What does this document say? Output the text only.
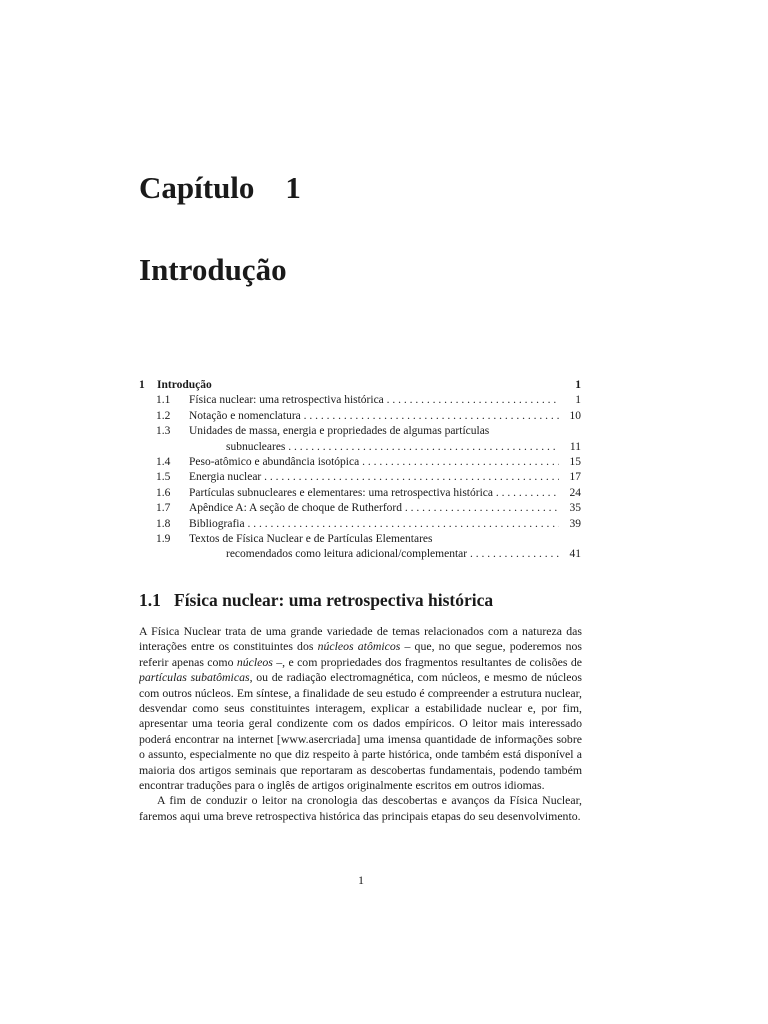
Capítulo    1
Introdução
1	Introdução	1
1.1	Física nuclear: uma retrospectiva histórica . . .	1
1.2	Notação e nomenclatura . . .	10
1.3	Unidades de massa, energia e propriedades de algumas partículas
subnucleares . . .	11
1.4	Peso-atômico e abundância isotópica . . .	15
1.5	Energia nuclear . . .	17
1.6	Partículas subnucleares e elementares: uma retrospectiva histórica . . .	24
1.7	Apêndice A: A seção de choque de Rutherford . . .	35
1.8	Bibliografia . . .	39
1.9	Textos de Física Nuclear e de Partículas Elementares
recomendados como leitura adicional/complementar . . .	41
1.1 Física nuclear: uma retrospectiva histórica

A Física Nuclear trata de uma grande variedade de temas relacionados com a natureza das interações entre os constituintes dos núcleos atômicos – que, no que segue, poderemos nos referir apenas como núcleos –, e com propriedades dos fragmentos resultantes de colisões de partículas subatômicas, ou de radiação electromagnética, com núcleos, e mesmo de núcleos com outros núcleos. Em síntese, a finalidade de seu estudo é compreender a estrutura nuclear, desvendar como seus constituintes interagem, explicar a estabilidade nuclear e, por fim, apresentar uma teoria geral condizente com os dados empíricos. O leitor mais interessado poderá encontrar na internet [www.asercriada] uma imensa quantidade de informações sobre o assunto, especialmente no que diz respeito à parte histórica, onde também está disponível a maioria dos artigos seminais que reportaram as descobertas fundamentais, podendo também encontrar traduções para o inglês de artigos originalmente escritos em outros idiomas.

A fim de conduzir o leitor na cronologia das descobertas e avanços da Física Nuclear, faremos aqui uma breve retrospectiva histórica das principais etapas do seu desenvolvimento.

1
